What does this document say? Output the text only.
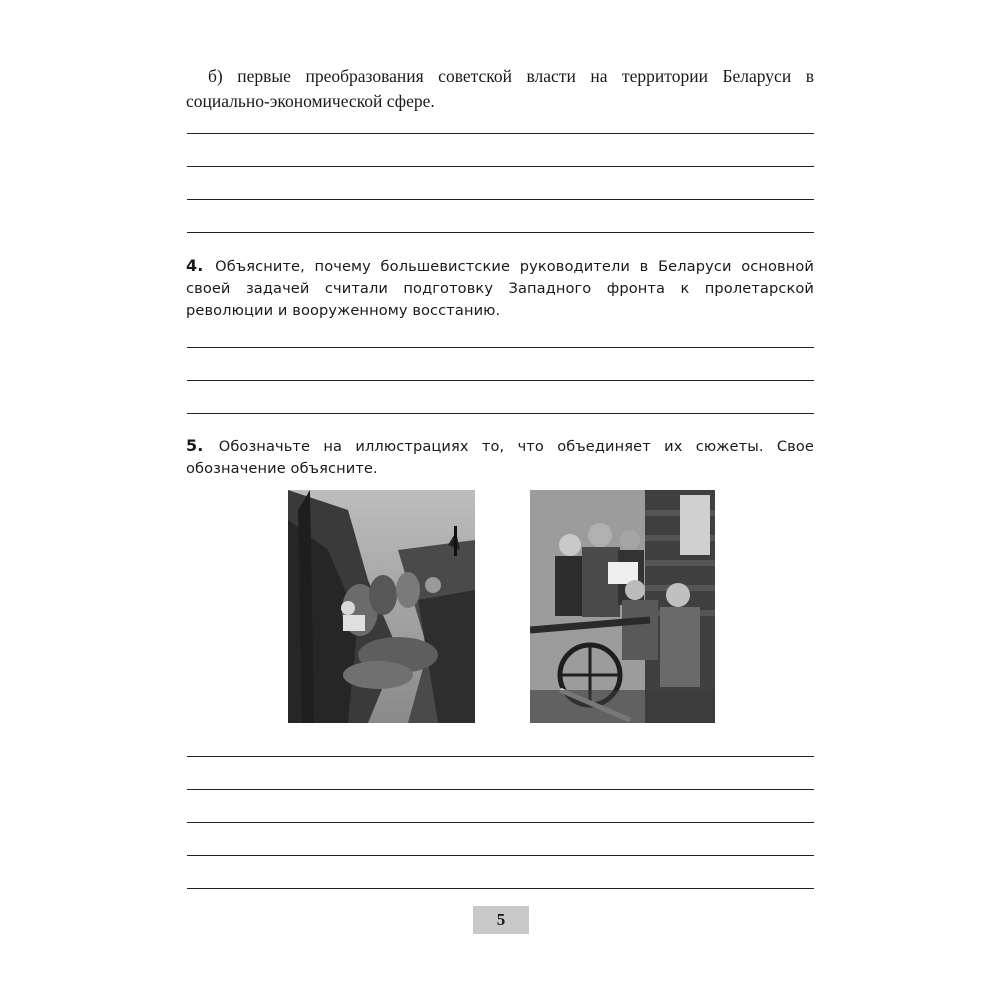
б) первые преобразования советской власти на территории Беларуси в социально-экономической сфере.
4. Объясните, почему большевистские руководители в Беларуси основной своей задачей считали подготовку Западного фронта к пролетарской революции и вооруженному восстанию.
5. Обозначьте на иллюстрациях то, что объединяет их сюжеты. Свое обозначение объясните.
5
